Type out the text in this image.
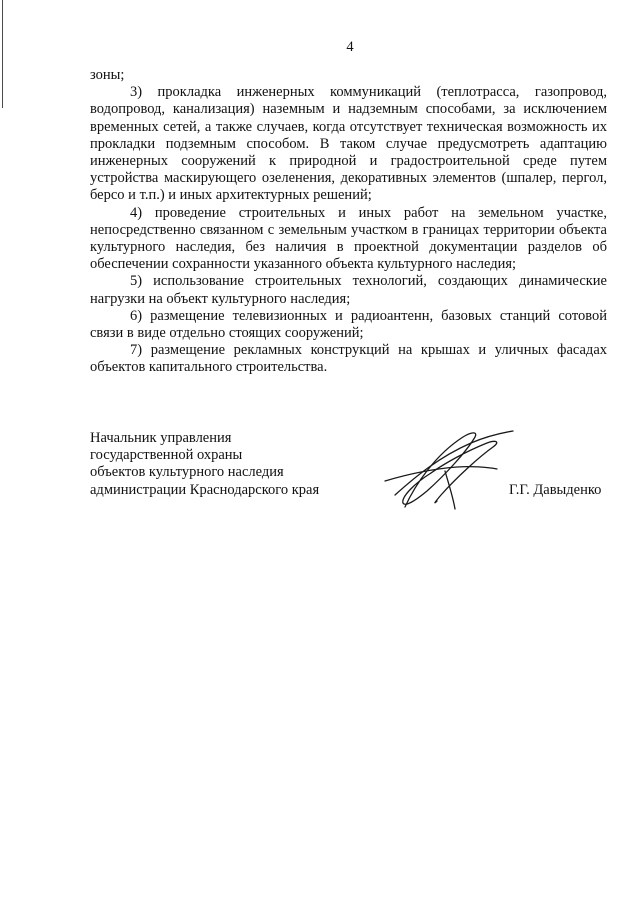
4

зоны;

3) прокладка инженерных коммуникаций (теплотрасса, газопровод, водопровод, канализация) наземным и надземным способами, за исключением временных сетей, а также случаев, когда отсутствует техническая возможность их прокладки подземным способом. В таком случае предусмотреть адаптацию инженерных сооружений к природной и градостроительной среде путем устройства маскирующего озеленения, декоративных элементов (шпалер, пергол, берсо и т.п.) и иных архитектурных решений;

4) проведение строительных и иных работ на земельном участке, непосредственно связанном с земельным участком в границах территории объекта культурного наследия, без наличия в проектной документации разделов об обеспечении сохранности указанного объекта культурного наследия;

5) использование строительных технологий, создающих динамические нагрузки на объект культурного наследия;

6) размещение телевизионных и радиоантенн, базовых станций сотовой связи в виде отдельно стоящих сооружений;

7) размещение рекламных конструкций на крышах и уличных фасадах объектов капитального строительства.

Начальник управления
государственной охраны
объектов культурного наследия
администрации Краснодарского края	Г.Г. Давыденко
